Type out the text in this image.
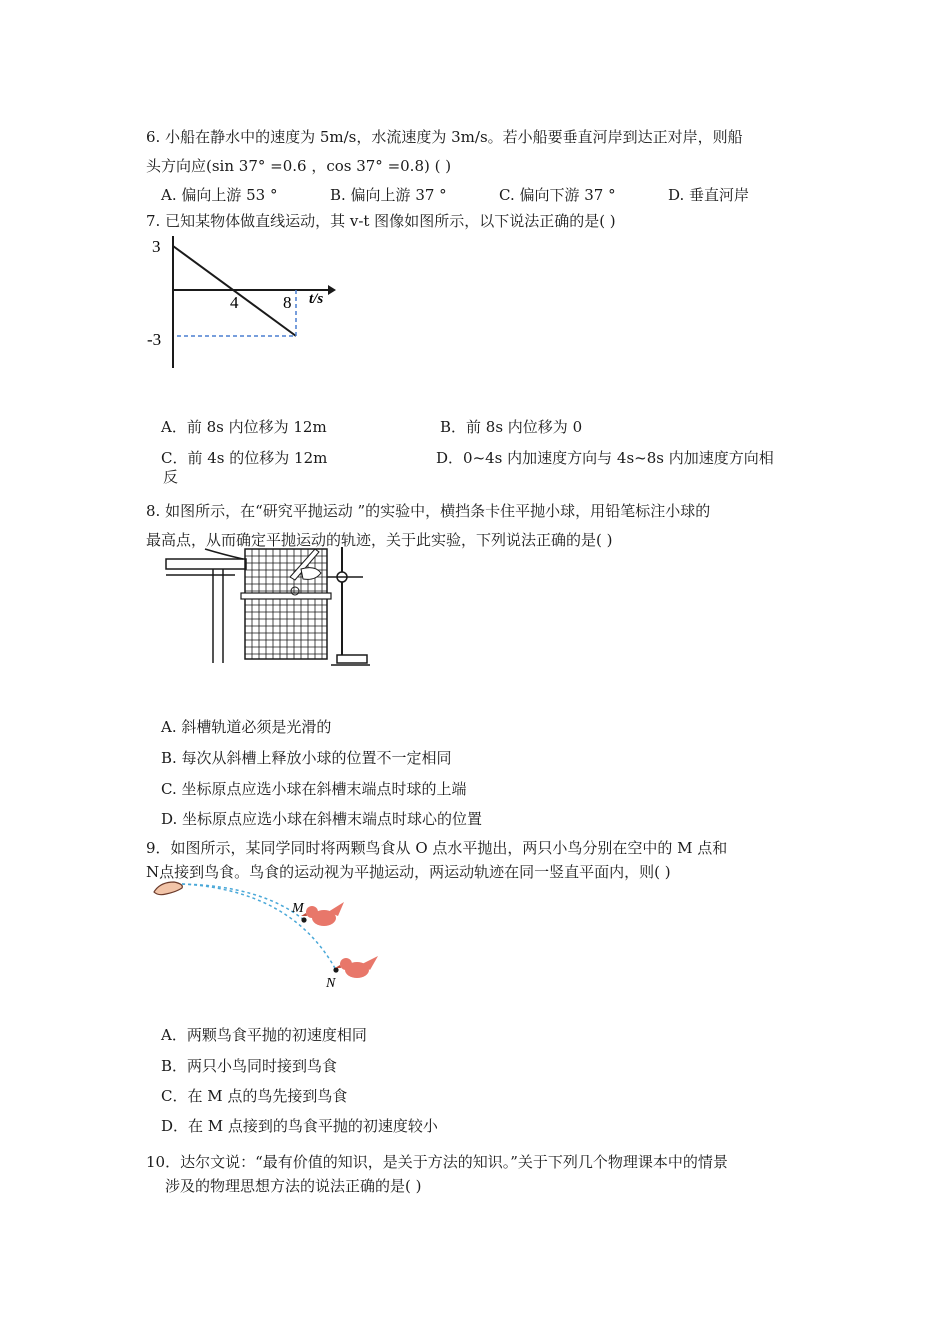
6. 小船在静水中的速度为 5m/s，水流速度为 3m/s。若小船要垂直河岸到达正对岸，则船
头方向应(sin 37° =0.6 ，cos 37° =0.8) ( )
A. 偏向上游 53 °	B. 偏向上游 37 °	C. 偏向下游 37 °	D. 垂直河岸
7. 已知某物体做直线运动，其 v-t 图像如图所示，以下说法正确的是( )
3
-3
4	8 t/s
A．前 8s 内位移为 12m	B．前 8s 内位移为 0
C．前 4s 的位移为 12m	D．0~4s 内加速度方向与 4s~8s 内加速度方向相
反
8. 如图所示，在“研究平抛运动 ”的实验中，横挡条卡住平抛小球，用铅笔标注小球的
最高点，从而确定平抛运动的轨迹，关于此实验，下列说法正确的是( )
A. 斜槽轨道必须是光滑的
B. 每次从斜槽上释放小球的位置不一定相同
C. 坐标原点应选小球在斜槽末端点时球的上端
D. 坐标原点应选小球在斜槽末端点时球心的位置
9．如图所示，某同学同时将两颗鸟食从 O 点水平抛出，两只小鸟分别在空中的 M 点和
N点接到鸟食。鸟食的运动视为平抛运动，两运动轨迹在同一竖直平面内，则( )
M
N
A．两颗鸟食平抛的初速度相同
B．两只小鸟同时接到鸟食
C．在 M 点的鸟先接到鸟食
D．在 M 点接到的鸟食平抛的初速度较小
10．达尔文说：“最有价值的知识，是关于方法的知识。”关于下列几个物理课本中的情景
涉及的物理思想方法的说法正确的是( )
